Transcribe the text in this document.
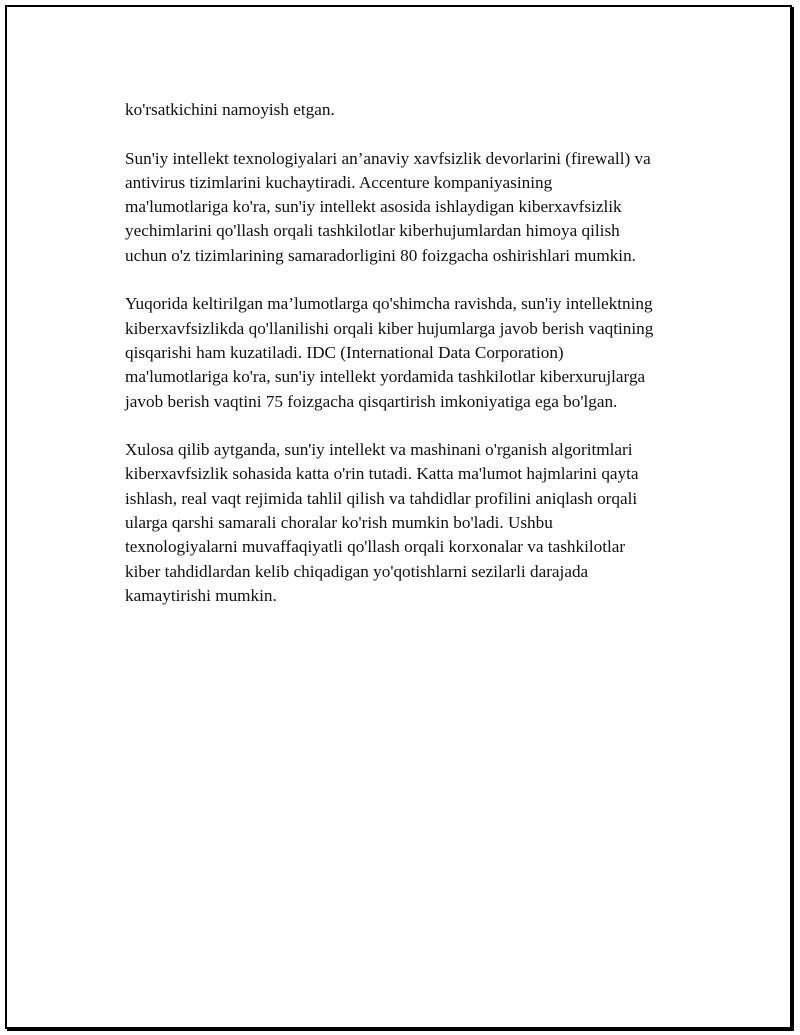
ko'rsatkichini namoyish etgan.

Sun'iy intellekt texnologiyalari an’anaviy xavfsizlik devorlarini (firewall) va
antivirus tizimlarini kuchaytiradi. Accenture kompaniyasining
ma'lumotlariga ko'ra, sun'iy intellekt asosida ishlaydigan kiberxavfsizlik
yechimlarini qo'llash orqali tashkilotlar kiberhujumlardan himoya qilish
uchun o'z tizimlarining samaradorligini 80 foizgacha oshirishlari mumkin.

Yuqorida keltirilgan ma’lumotlarga qo'shimcha ravishda, sun'iy intellektning
kiberxavfsizlikda qo'llanilishi orqali kiber hujumlarga javob berish vaqtining
qisqarishi ham kuzatiladi. IDC (International Data Corporation)
ma'lumotlariga ko'ra, sun'iy intellekt yordamida tashkilotlar kiberxurujlarga
javob berish vaqtini 75 foizgacha qisqartirish imkoniyatiga ega bo'lgan.

Xulosa qilib aytganda, sun'iy intellekt va mashinani o'rganish algoritmlari
kiberxavfsizlik sohasida katta o'rin tutadi. Katta ma'lumot hajmlarini qayta
ishlash, real vaqt rejimida tahlil qilish va tahdidlar profilini aniqlash orqali
ularga qarshi samarali choralar ko'rish mumkin bo'ladi. Ushbu
texnologiyalarni muvaffaqiyatli qo'llash orqali korxonalar va tashkilotlar
kiber tahdidlardan kelib chiqadigan yo'qotishlarni sezilarli darajada
kamaytirishi mumkin.
